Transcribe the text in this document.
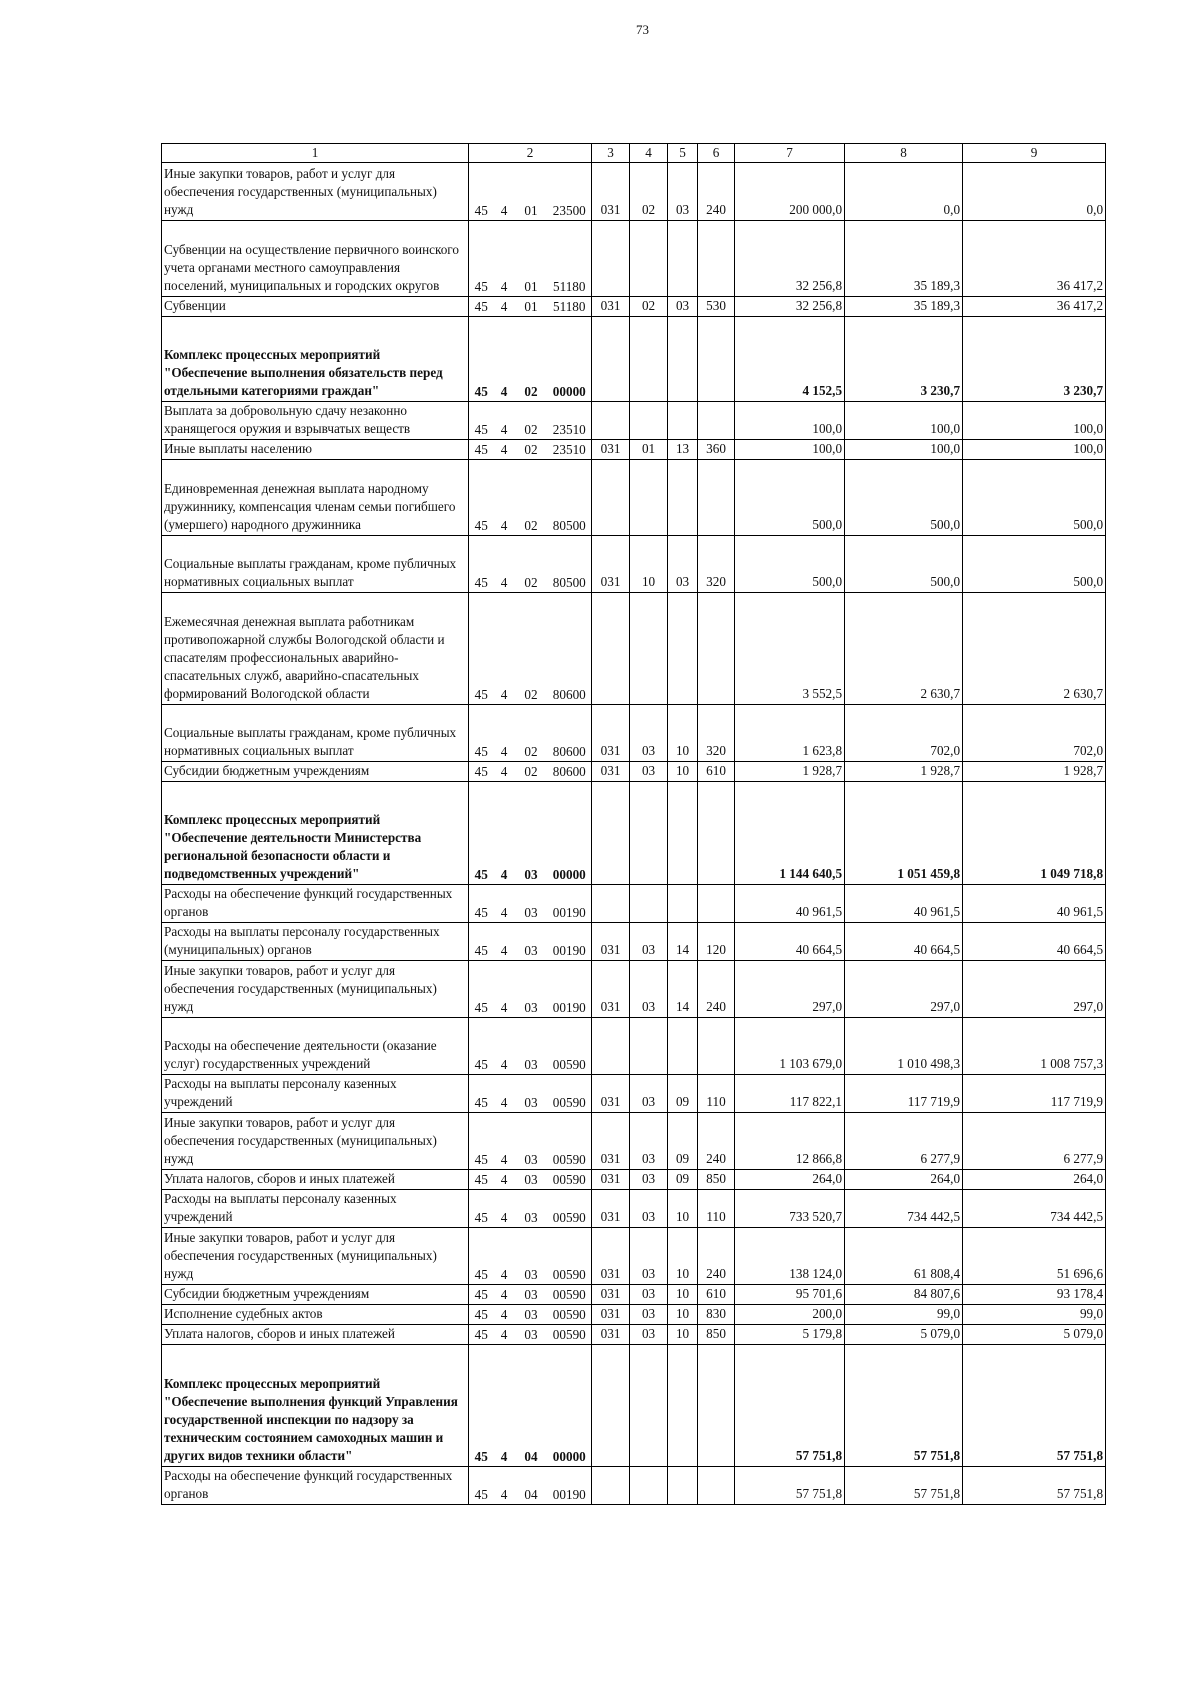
73
1	2				3	4	5	6	7	8	9
Иные закупки товаров, работ и услуг для обеспечения государственных (муниципальных) нужд	45	4	01	23500	031	02	03	240	200 000,0	0,0	0,0
Субвенции на осуществление первичного воинского учета органами местного самоуправления поселений, муниципальных и городских округов	45	4	01	51180					32 256,8	35 189,3	36 417,2
Субвенции	45	4	01	51180	031	02	03	530	32 256,8	35 189,3	36 417,2
Комплекс процессных мероприятий "Обеспечение выполнения обязательств перед отдельными категориями граждан"	45	4	02	00000					4 152,5	3 230,7	3 230,7
Выплата за добровольную сдачу незаконно хранящегося оружия и взрывчатых веществ	45	4	02	23510					100,0	100,0	100,0
Иные выплаты населению	45	4	02	23510	031	01	13	360	100,0	100,0	100,0
Единовременная денежная выплата народному дружиннику, компенсация членам семьи погибшего (умершего) народного дружинника	45	4	02	80500					500,0	500,0	500,0
Социальные выплаты гражданам, кроме публичных нормативных социальных выплат	45	4	02	80500	031	10	03	320	500,0	500,0	500,0
Ежемесячная денежная выплата работникам противопожарной службы Вологодской области и спасателям профессиональных аварийно-спасательных служб, аварийно-спасательных формирований Вологодской области	45	4	02	80600					3 552,5	2 630,7	2 630,7
Социальные выплаты гражданам, кроме публичных нормативных социальных выплат	45	4	02	80600	031	03	10	320	1 623,8	702,0	702,0
Субсидии бюджетным учреждениям	45	4	02	80600	031	03	10	610	1 928,7	1 928,7	1 928,7
Комплекс процессных мероприятий "Обеспечение деятельности Министерства региональной безопасности области и подведомственных учреждений"	45	4	03	00000					1 144 640,5	1 051 459,8	1 049 718,8
Расходы на обеспечение функций государственных органов	45	4	03	00190					40 961,5	40 961,5	40 961,5
Расходы на выплаты персоналу государственных (муниципальных) органов	45	4	03	00190	031	03	14	120	40 664,5	40 664,5	40 664,5
Иные закупки товаров, работ и услуг для обеспечения государственных (муниципальных) нужд	45	4	03	00190	031	03	14	240	297,0	297,0	297,0
Расходы на обеспечение деятельности (оказание услуг) государственных учреждений	45	4	03	00590					1 103 679,0	1 010 498,3	1 008 757,3
Расходы на выплаты персоналу казенных учреждений	45	4	03	00590	031	03	09	110	117 822,1	117 719,9	117 719,9
Иные закупки товаров, работ и услуг для обеспечения государственных (муниципальных) нужд	45	4	03	00590	031	03	09	240	12 866,8	6 277,9	6 277,9
Уплата налогов, сборов и иных платежей	45	4	03	00590	031	03	09	850	264,0	264,0	264,0
Расходы на выплаты персоналу казенных учреждений	45	4	03	00590	031	03	10	110	733 520,7	734 442,5	734 442,5
Иные закупки товаров, работ и услуг для обеспечения государственных (муниципальных) нужд	45	4	03	00590	031	03	10	240	138 124,0	61 808,4	51 696,6
Субсидии бюджетным учреждениям	45	4	03	00590	031	03	10	610	95 701,6	84 807,6	93 178,4
Исполнение судебных актов	45	4	03	00590	031	03	10	830	200,0	99,0	99,0
Уплата налогов, сборов и иных платежей	45	4	03	00590	031	03	10	850	5 179,8	5 079,0	5 079,0
Комплекс процессных мероприятий "Обеспечение выполнения функций Управления государственной инспекции по надзору за техническим состоянием самоходных машин и других видов техники области"	45	4	04	00000					57 751,8	57 751,8	57 751,8
Расходы на обеспечение функций государственных органов	45	4	04	00190					57 751,8	57 751,8	57 751,8
